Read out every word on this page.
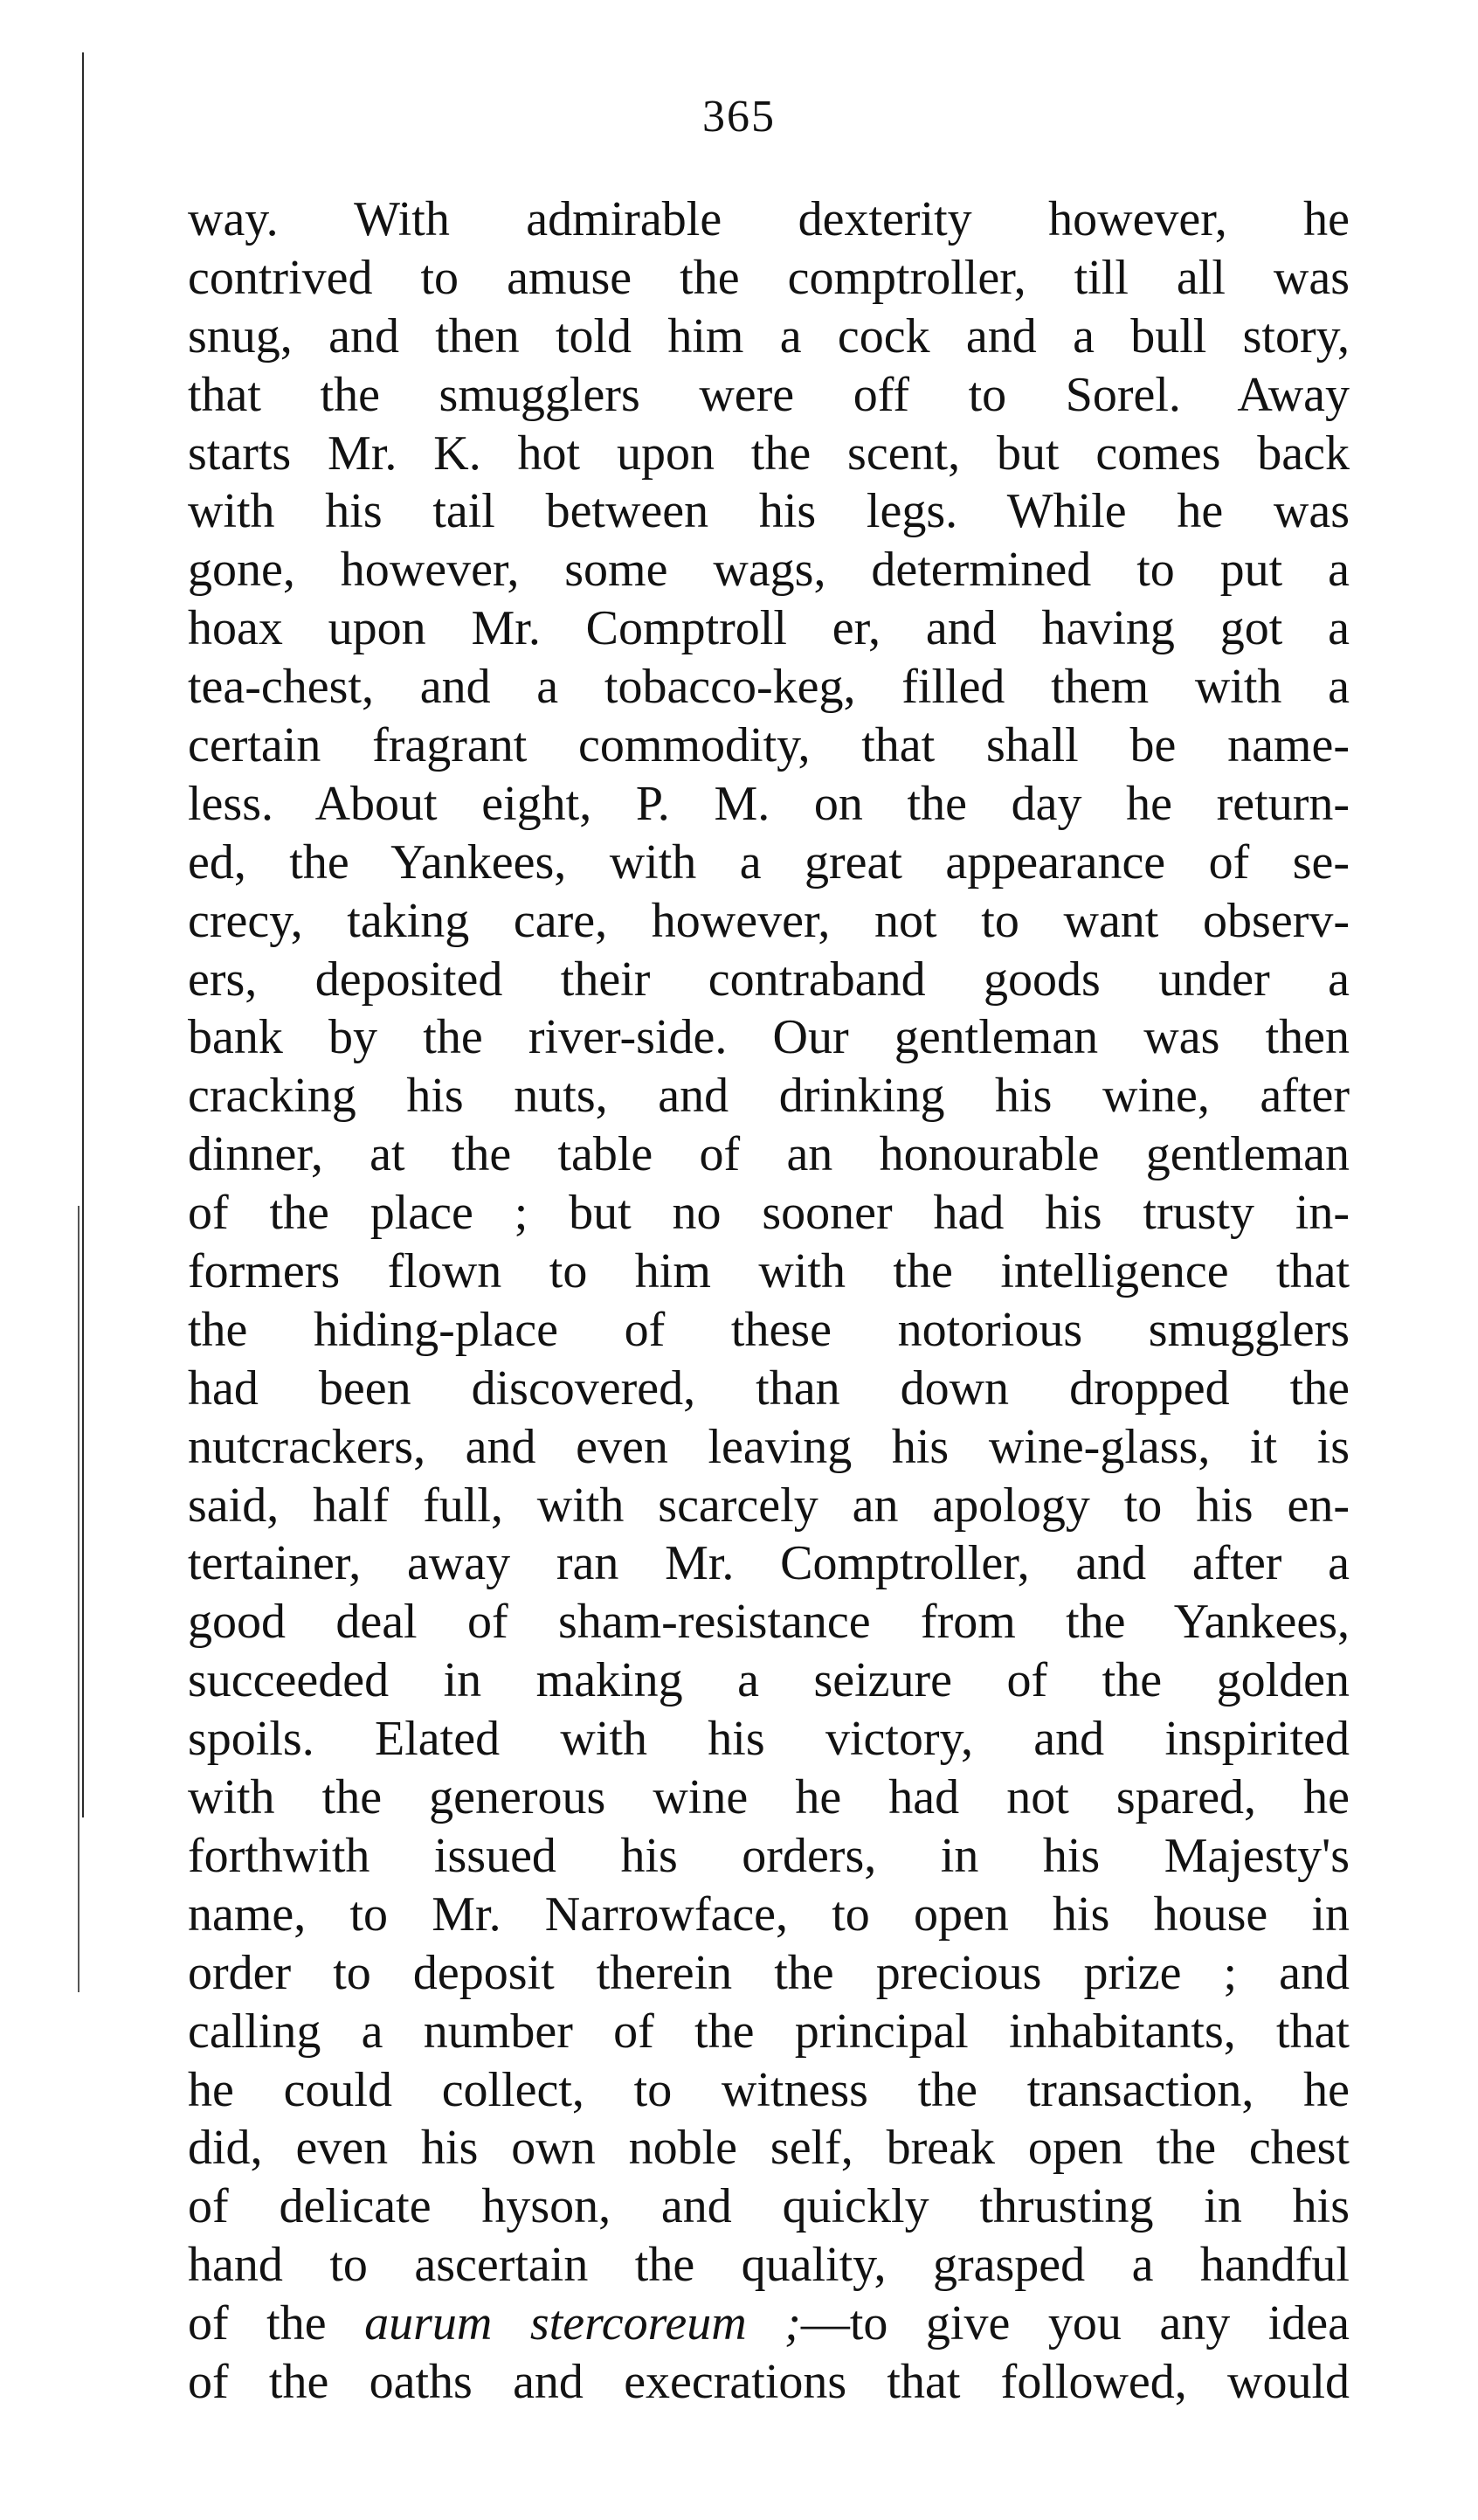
365
way. With admirable dexterity however, he
contrived to amuse the comptroller, till all was
snug, and then told him a cock and a bull story,
that the smugglers were off to Sorel. Away
starts Mr. K. hot upon the scent, but comes back
with his tail between his legs. While he was
gone, however, some wags, determined to put a
hoax upon Mr. Comptroll er, and having got a
tea-chest, and a tobacco-keg, filled them with a
certain fragrant commodity, that shall be name-
less. About eight, P. M. on the day he return-
ed, the Yankees, with a great appearance of se-
crecy, taking care, however, not to want observ-
ers, deposited their contraband goods under a
bank by the river-side. Our gentleman was then
cracking his nuts, and drinking his wine, after
dinner, at the table of an honourable gentleman
of the place ; but no sooner had his trusty in-
formers flown to him with the intelligence that
the hiding-place of these notorious smugglers
had been discovered, than down dropped the
nutcrackers, and even leaving his wine-glass, it is
said, half full, with scarcely an apology to his en-
tertainer, away ran Mr. Comptroller, and after a
good deal of sham-resistance from the Yankees,
succeeded in making a seizure of the golden
spoils. Elated with his victory, and inspirited
with the generous wine he had not spared, he
forthwith issued his orders, in his Majesty's
name, to Mr. Narrowface, to open his house in
order to deposit therein the precious prize ; and
calling a number of the principal inhabitants, that
he could collect, to witness the transaction, he
did, even his own noble self, break open the chest
of delicate hyson, and quickly thrusting in his
hand to ascertain the quality, grasped a handful
of the aurum stercoreum ;—to give you any idea
of the oaths and execrations that followed, would
